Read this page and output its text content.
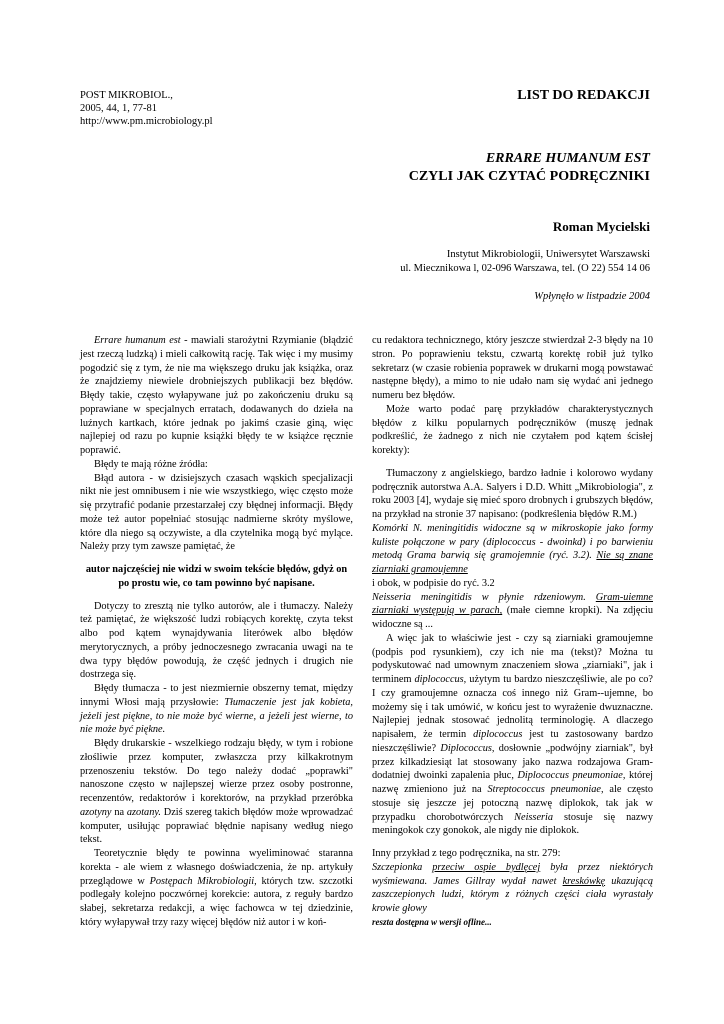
POST MIKROBIOL.,
2005, 44, 1, 77-81
http://www.pm.microbiology.pl
LIST DO REDAKCJI
ERRARE HUMANUM EST
CZYLI JAK CZYTAĆ PODRĘCZNIKI
Roman Mycielski
Instytut Mikrobiologii, Uniwersytet Warszawski
ul. Miecznikowa l, 02-096 Warszawa, tel. (O 22) 554 14 06
Wpłynęło w listpadzie 2004

Errare humanum est - mawiali starożytni Rzymianie (błądzić jest rzeczą ludzką) i mieli całkowitą rację. Tak więc i my musimy pogodzić się z tym, że nie ma większego druku jak książka, oraz że znajdziemy niewiele drobniejszych publikacji bez błędów. Błędy takie, często wyłapywane już po zakończeniu druku są poprawiane w specjalnych erratach, dodawanych do dzieła na luźnych kartkach, które jednak po jakimś czasie giną, więc najlepiej od razu po kupnie książki błędy te w książce ręcznie poprawić.

Błędy te mają różne źródła:

Błąd autora - w dzisiejszych czasach wąskich specjalizacji nikt nie jest omnibusem i nie wie wszystkiego, więc często może się przytrafić podanie przestarzałej czy błędnej informacji. Błędy może też autor popełniać stosując nadmierne skróty myślowe, które dla niego są oczywiste, a dla czytelnika mogą być mylące. Należy przy tym zawsze pamiętać, że

autor najczęściej nie widzi w swoim tekście błędów, gdyż on po prostu wie, co tam powinno być napisane.

Dotyczy to zresztą nie tylko autorów, ale i tłumaczy. Należy też pamiętać, że większość ludzi robiących korektę, czyta tekst albo pod kątem wynajdywania literówek albo błędów merytorycznych, a próby jednoczesnego zwracania uwagi na te dwa typy błędów powodują, że część jednych i drugich nie dostrzega się.

Błędy tłumacza - to jest niezmiernie obszerny temat, między innymi Włosi mają przysłowie: Tłumaczenie jest jak kobieta, jeżeli jest piękne, to nie może być wierne, a jeżeli jest wierne, to nie może być piękne.

Błędy drukarskie - wszelkiego rodzaju błędy, w tym i robione złośliwie przez komputer, zwłaszcza przy kilkakrotnym przenoszeniu tekstów. Do tego należy dodać „poprawki" nanoszone często w najlepszej wierze przez osoby postronne, recenzentów, redaktorów i korektorów, na przykład przeróbka azotyny na azotany. Dziś szereg takich błędów może wprowadzać komputer, usiłując poprawiać błędnie napisany według niego tekst.

Teoretycznie błędy te powinna wyeliminować staranna korekta - ale wiem z własnego doświadczenia, że np. artykuły przeglądowe w Postępach Mikrobiologii, których tzw. szczotki podlegały kolejno poczwórnej korekcie: autora, z reguły bardzo słabej, sekretarza redakcji, a więc fachowca w tej dziedzinie, który wyłapywał trzy razy więcej błędów niż autor i w koń-

cu redaktora technicznego, który jeszcze stwierdzał 2-3 błędy na 10 stron. Po poprawieniu tekstu, czwartą korektę robił już tylko sekretarz (w czasie robienia poprawek w drukarni mogą powstawać następne błędy), a mimo to nie udało nam się wydać ani jednego numeru bez błędów.

Może warto podać parę przykładów charakterystycznych błędów z kilku popularnych podręczników (muszę jednak podkreślić, że żadnego z nich nie czytałem pod kątem ścisłej korekty):

Tłumaczony z angielskiego, bardzo ładnie i kolorowo wydany podręcznik autorstwa A.A. Salyers i D.D. Whitt „Mikrobiologia", z roku 2003 [4], wydaje się mieć sporo drobnych i grubszych błędów, na przykład na stronie 37 napisano: (podkreślenia błędów R.M.)

Komórki N. meningitidis widoczne są w mikroskopie jako formy kuliste połączone w pary (diplococcus - dwoinkd) i po barwieniu metodą Grama barwią się gramojemnie (ryć. 3.2). Nie są znane ziarniaki gramoujemne

i obok, w podpisie do ryć. 3.2

Neisseria meningitidis w płynie rdzeniowym. Gram-uiemne ziarniaki występują w parach, (małe ciemne kropki). Na zdjęciu widoczne są ...

A więc jak to właściwie jest - czy są ziarniaki gramoujemne (podpis pod rysunkiem), czy ich nie ma (tekst)? Można tu podyskutować nad umownym znaczeniem słowa „ziarniaki", jak i terminem diplococcus, użytym tu bardzo nieszczęśliwie, ale po co? I czy gramoujemne oznacza coś innego niż Gram--ujemne, bo możemy się i tak umówić, w końcu jest to wyrażenie dwuznaczne. Najlepiej jednak stosować jednolitą terminologię. A dlaczego napisałem, że termin diplococcus jest tu zastosowany bardzo nieszczęśliwie? Diplococcus, dosłownie „podwójny ziarniak", był przez kilkadziesiąt lat stosowany jako nazwa rodzajowa Gram-dodatniej dwoinki zapalenia płuc, Diplococcus pneumoniae, której nazwę zmieniono już na Streptococcus pneumoniae, ale często stosuje się jeszcze jej potoczną nazwę diplokok, tak jak w przypadku chorobotwórczych Neisseria stosuje się nazwy meningokok czy gonokok, ale nigdy nie diplokok.

Inny przykład z tego podręcznika, na str. 279:

Szczepionka przeciw ospie bydlęcej była przez niektórych wyśmiewana. James Gillray wydał nawet kreskówkę ukazującą zaszczepionych ludzi, którym z różnych części ciała wyrastały krowie głowy

reszta dostępna w wersji ofline...
